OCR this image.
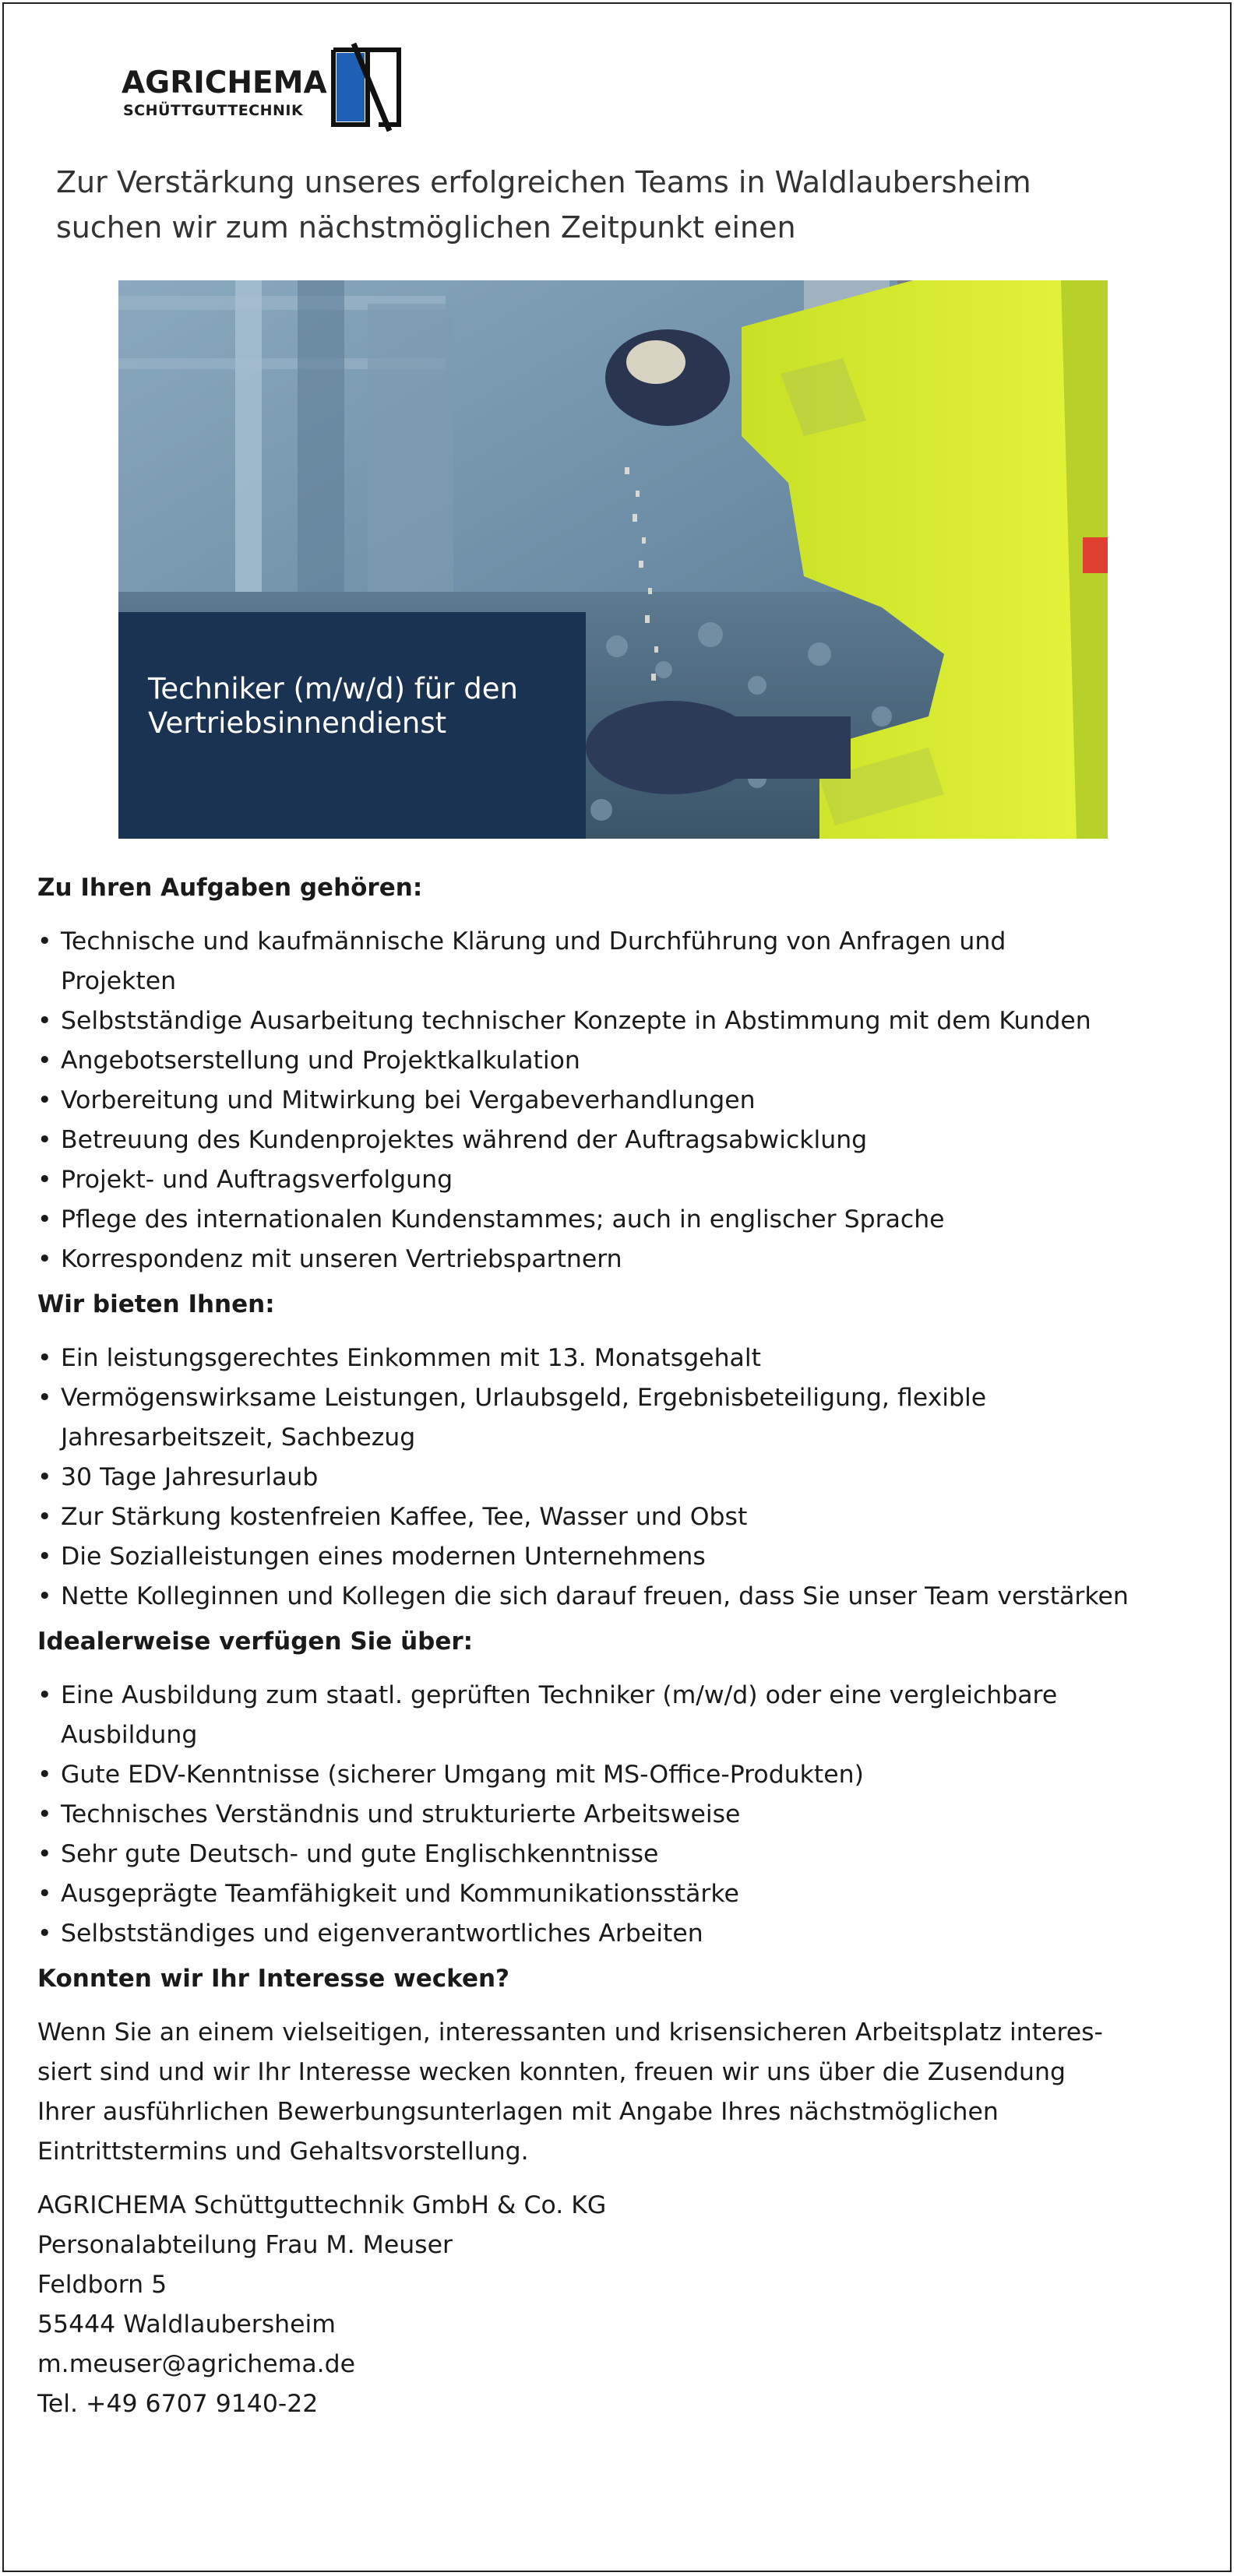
AGRICHEMA
SCHÜTTGUTTECHNIK
Zur Verstärkung unseres erfolgreichen Teams in Waldlaubersheim
suchen wir zum nächstmöglichen Zeitpunkt einen
Techniker (m/w/d) für den
Vertriebsinnendienst
Zu Ihren Aufgaben gehören:
• Technische und kaufmännische Klärung und Durchführung von Anfragen und
Projekten
• Selbstständige Ausarbeitung technischer Konzepte in Abstimmung mit dem Kunden
• Angebotserstellung und Projektkalkulation
• Vorbereitung und Mitwirkung bei Vergabeverhandlungen
• Betreuung des Kundenprojektes während der Auftragsabwicklung
• Projekt- und Auftragsverfolgung
• Pflege des internationalen Kundenstammes; auch in englischer Sprache
• Korrespondenz mit unseren Vertriebspartnern
Wir bieten Ihnen:
• Ein leistungsgerechtes Einkommen mit 13. Monatsgehalt
• Vermögenswirksame Leistungen, Urlaubsgeld, Ergebnisbeteiligung, flexible
Jahresarbeitszeit, Sachbezug
• 30 Tage Jahresurlaub
• Zur Stärkung kostenfreien Kaffee, Tee, Wasser und Obst
• Die Sozialleistungen eines modernen Unternehmens
• Nette Kolleginnen und Kollegen die sich darauf freuen, dass Sie unser Team verstärken
Idealerweise verfügen Sie über:
• Eine Ausbildung zum staatl. geprüften Techniker (m/w/d) oder eine vergleichbare
Ausbildung
• Gute EDV-Kenntnisse (sicherer Umgang mit MS-Office-Produkten)
• Technisches Verständnis und strukturierte Arbeitsweise
• Sehr gute Deutsch- und gute Englischkenntnisse
• Ausgeprägte Teamfähigkeit und Kommunikationsstärke
• Selbstständiges und eigenverantwortliches Arbeiten
Konnten wir Ihr Interesse wecken?
Wenn Sie an einem vielseitigen, interessanten und krisensicheren Arbeitsplatz interes-
siert sind und wir Ihr Interesse wecken konnten, freuen wir uns über die Zusendung
Ihrer ausführlichen Bewerbungsunterlagen mit Angabe Ihres nächstmöglichen
Eintrittstermins und Gehaltsvorstellung.
AGRICHEMA Schüttguttechnik GmbH & Co. KG
Personalabteilung Frau M. Meuser
Feldborn 5
55444 Waldlaubersheim
m.meuser@agrichema.de
Tel. +49 6707 9140-22
